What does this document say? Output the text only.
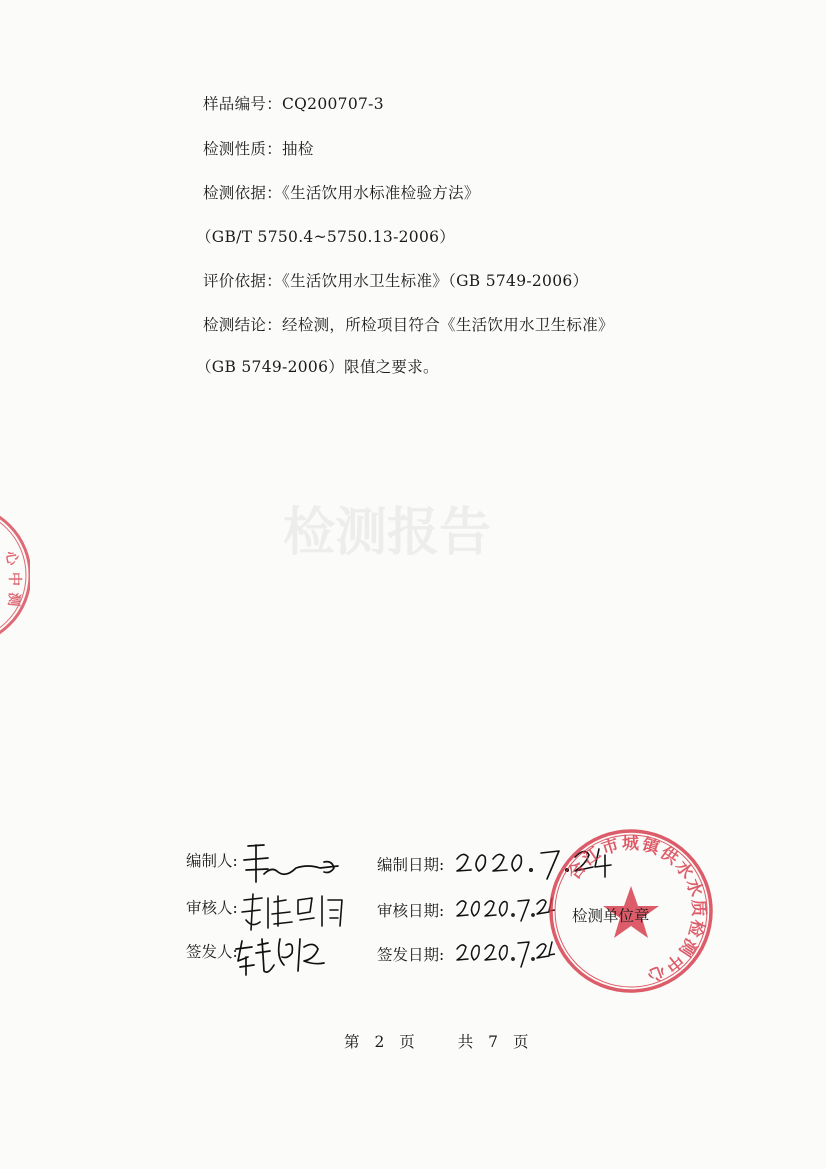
检测报告
样品编号：CQ200707-3
检测性质：抽检
检测依据：《生活饮用水标准检验方法》
（GB/T 5750.4~5750.13-2006）
评价依据：《生活饮用水卫生标准》（GB 5749-2006）
检测结论：经检测，所检项目符合《生活饮用水卫生标准》
（GB 5749-2006）限值之要求。
编制人:
审核人:
签发人:
编制日期:
审核日期:
签发日期:
合江市城镇供水水质检测中心
检测单位章
心
中
测
第 2 页	共 7 页
